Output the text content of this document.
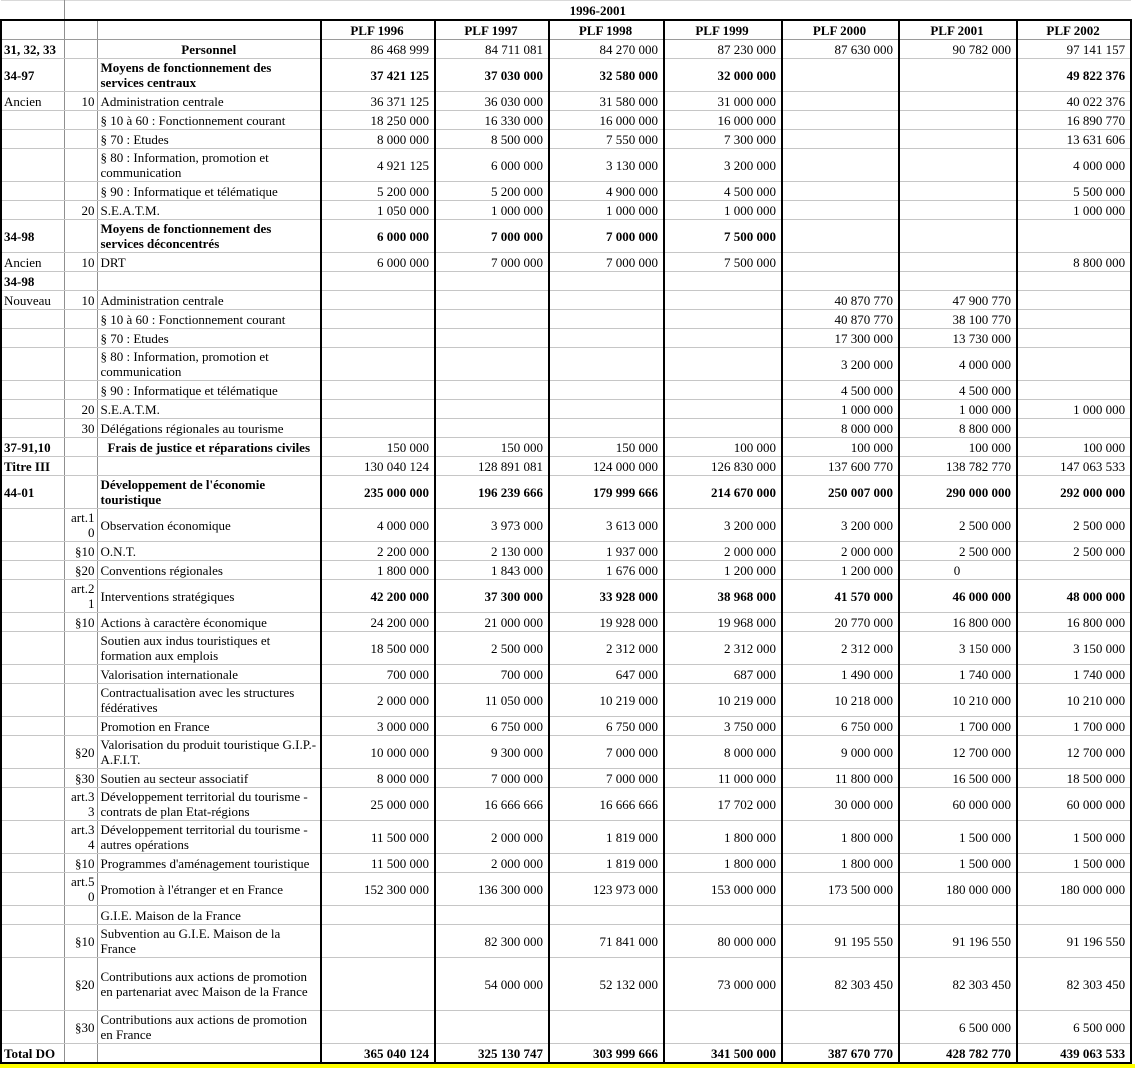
	1996-2001								
			PLF 1996	PLF 1997	PLF 1998	PLF 1999	PLF 2000	PLF 2001	PLF 2002
31, 32, 33		Personnel	86 468 999	84 711 081	84 270 000	87 230 000	87 630 000	90 782 000	97 141 157
34-97		Moyens de fonctionnement des services centraux	37 421 125	37 030 000	32 580 000	32 000 000			49 822 376
Ancien	10	Administration centrale	36 371 125	36 030 000	31 580 000	31 000 000			40 022 376
		§ 10 à 60 : Fonctionnement courant	18 250 000	16 330 000	16 000 000	16 000 000			16 890 770
		§ 70 : Etudes	8 000 000	8 500 000	7 550 000	7 300 000			13 631 606
		§ 80 : Information, promotion et communication	4 921 125	6 000 000	3 130 000	3 200 000			4 000 000
		§ 90 : Informatique et télématique	5 200 000	5 200 000	4 900 000	4 500 000			5 500 000
	20	S.E.A.T.M.	1 050 000	1 000 000	1 000 000	1 000 000			1 000 000
34-98		Moyens de fonctionnement des services déconcentrés	6 000 000	7 000 000	7 000 000	7 500 000			
Ancien	10	DRT	6 000 000	7 000 000	7 000 000	7 500 000			8 800 000
34-98									
Nouveau	10	Administration centrale					40 870 770	47 900 770	
		§ 10 à 60 : Fonctionnement courant					40 870 770	38 100 770	
		§ 70 : Etudes					17 300 000	13 730 000	
		§ 80 : Information, promotion et communication					3 200 000	4 000 000	
		§ 90 : Informatique et télématique					4 500 000	4 500 000	
	20	S.E.A.T.M.					1 000 000	1 000 000	1 000 000
	30	Délégations régionales au tourisme					8 000 000	8 800 000	
37-91,10		Frais de justice et réparations civiles	150 000	150 000	150 000	100 000	100 000	100 000	100 000
Titre III			130 040 124	128 891 081	124 000 000	126 830 000	137 600 770	138 782 770	147 063 533
44-01		Développement de l'économie touristique	235 000 000	196 239 666	179 999 666	214 670 000	250 007 000	290 000 000	292 000 000
	art.10	Observation économique	4 000 000	3 973 000	3 613 000	3 200 000	3 200 000	2 500 000	2 500 000
	§10	O.N.T.	2 200 000	2 130 000	1 937 000	2 000 000	2 000 000	2 500 000	2 500 000
	§20	Conventions régionales	1 800 000	1 843 000	1 676 000	1 200 000	1 200 000	0	
	art.21	Interventions stratégiques	42 200 000	37 300 000	33 928 000	38 968 000	41 570 000	46 000 000	48 000 000
	§10	Actions à caractère économique	24 200 000	21 000 000	19 928 000	19 968 000	20 770 000	16 800 000	16 800 000
		Soutien aux indus touristiques et formation aux emplois	18 500 000	2 500 000	2 312 000	2 312 000	2 312 000	3 150 000	3 150 000
		Valorisation internationale	700 000	700 000	647 000	687 000	1 490 000	1 740 000	1 740 000
		Contractualisation avec les structures fédératives	2 000 000	11 050 000	10 219 000	10 219 000	10 218 000	10 210 000	10 210 000
		Promotion en France	3 000 000	6 750 000	6 750 000	3 750 000	6 750 000	1 700 000	1 700 000
	§20	Valorisation du produit touristique G.I.P.-A.F.I.T.	10 000 000	9 300 000	7 000 000	8 000 000	9 000 000	12 700 000	12 700 000
	§30	Soutien au secteur associatif	8 000 000	7 000 000	7 000 000	11 000 000	11 800 000	16 500 000	18 500 000
	art.33	Développement territorial du tourisme - contrats de plan Etat-régions	25 000 000	16 666 666	16 666 666	17 702 000	30 000 000	60 000 000	60 000 000
	art.34	Développement territorial du tourisme - autres opérations	11 500 000	2 000 000	1 819 000	1 800 000	1 800 000	1 500 000	1 500 000
	§10	Programmes d'aménagement touristique	11 500 000	2 000 000	1 819 000	1 800 000	1 800 000	1 500 000	1 500 000
	art.50	Promotion à l'étranger et en France	152 300 000	136 300 000	123 973 000	153 000 000	173 500 000	180 000 000	180 000 000
		G.I.E. Maison de la France							
	§10	Subvention au G.I.E. Maison de la France		82 300 000	71 841 000	80 000 000	91 195 550	91 196 550	91 196 550
	§20	Contributions aux actions de promotion en partenariat avec Maison de la France		54 000 000	52 132 000	73 000 000	82 303 450	82 303 450	82 303 450
	§30	Contributions aux actions de promotion en France						6 500 000	6 500 000
Total DO			365 040 124	325 130 747	303 999 666	341 500 000	387 670 770	428 782 770	439 063 533
